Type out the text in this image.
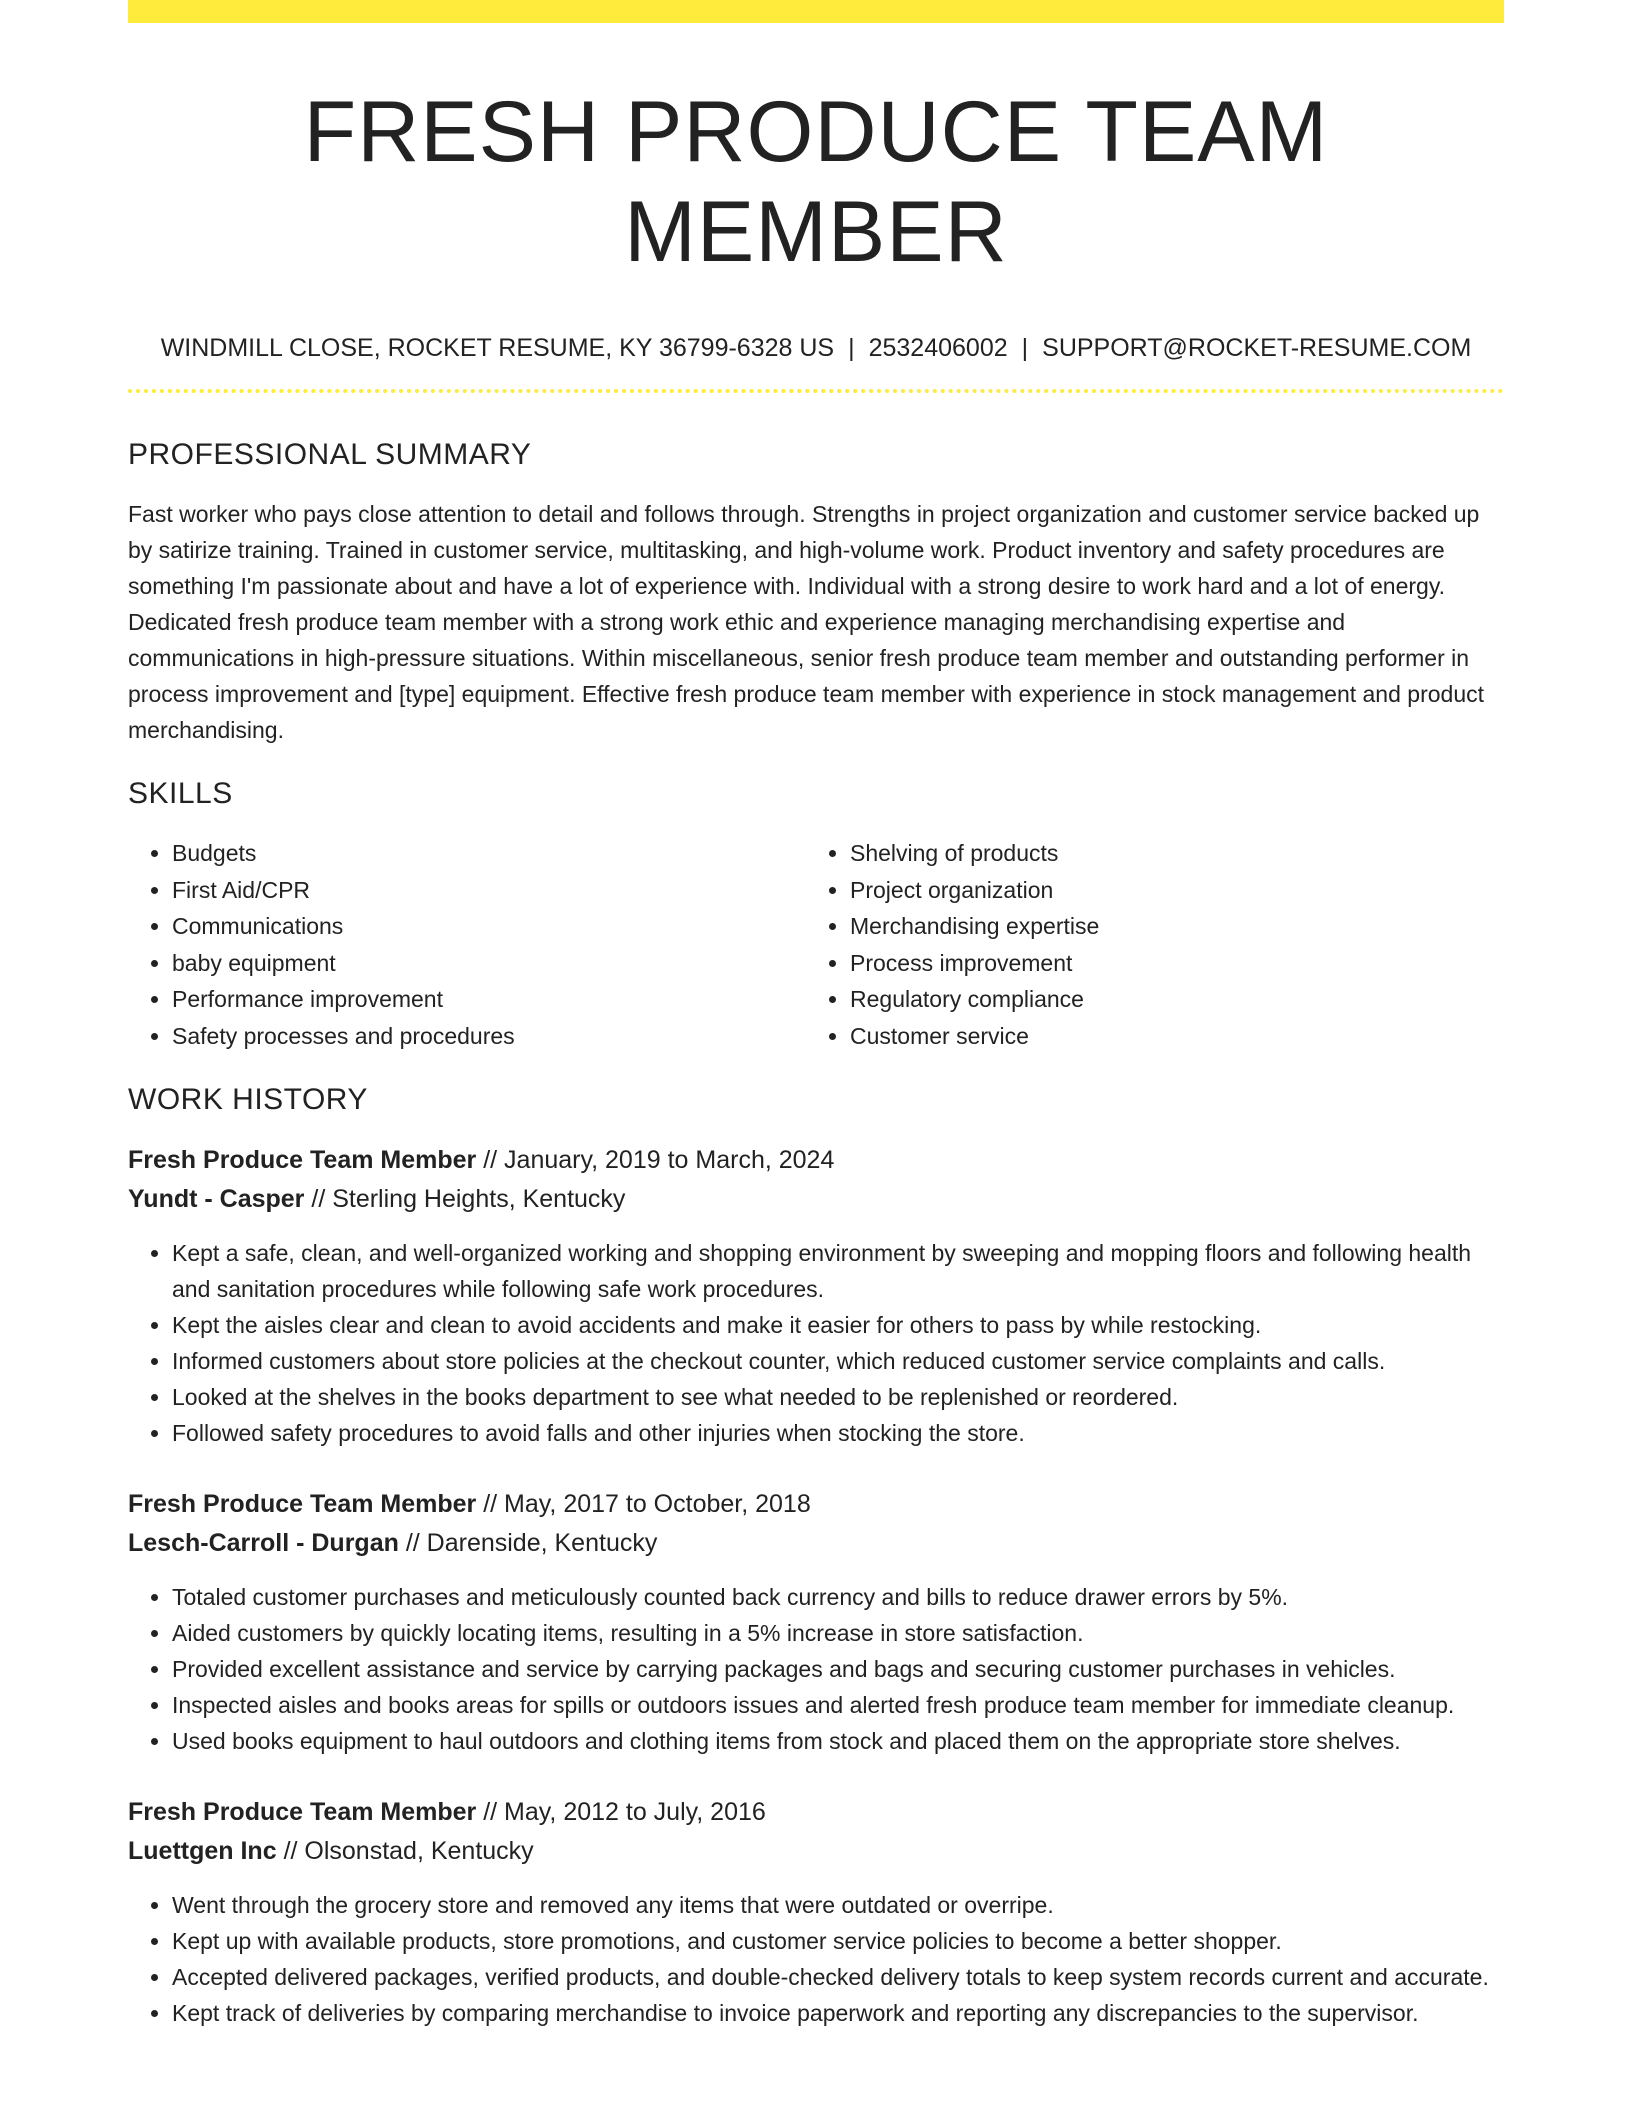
FRESH PRODUCE TEAM MEMBER
WINDMILL CLOSE, ROCKET RESUME, KY 36799-6328 US | 2532406002 | SUPPORT@ROCKET-RESUME.COM
PROFESSIONAL SUMMARY

Fast worker who pays close attention to detail and follows through. Strengths in project organization and customer service backed up by satirize training. Trained in customer service, multitasking, and high-volume work. Product inventory and safety procedures are something I'm passionate about and have a lot of experience with. Individual with a strong desire to work hard and a lot of energy. Dedicated fresh produce team member with a strong work ethic and experience managing merchandising expertise and communications in high-pressure situations. Within miscellaneous, senior fresh produce team member and outstanding performer in process improvement and [type] equipment. Effective fresh produce team member with experience in stock management and product merchandising.

SKILLS
• Budgets
• First Aid/CPR
• Communications
• baby equipment
• Performance improvement
• Safety processes and procedures
• Shelving of products
• Project organization
• Merchandising expertise
• Process improvement
• Regulatory compliance
• Customer service
WORK HISTORY
Fresh Produce Team Member // January, 2019 to March, 2024
Yundt - Casper // Sterling Heights, Kentucky
• Kept a safe, clean, and well-organized working and shopping environment by sweeping and mopping floors and following health and sanitation procedures while following safe work procedures.
• Kept the aisles clear and clean to avoid accidents and make it easier for others to pass by while restocking.
• Informed customers about store policies at the checkout counter, which reduced customer service complaints and calls.
• Looked at the shelves in the books department to see what needed to be replenished or reordered.
• Followed safety procedures to avoid falls and other injuries when stocking the store.
Fresh Produce Team Member // May, 2017 to October, 2018
Lesch-Carroll - Durgan // Darenside, Kentucky
• Totaled customer purchases and meticulously counted back currency and bills to reduce drawer errors by 5%.
• Aided customers by quickly locating items, resulting in a 5% increase in store satisfaction.
• Provided excellent assistance and service by carrying packages and bags and securing customer purchases in vehicles.
• Inspected aisles and books areas for spills or outdoors issues and alerted fresh produce team member for immediate cleanup.
• Used books equipment to haul outdoors and clothing items from stock and placed them on the appropriate store shelves.
Fresh Produce Team Member // May, 2012 to July, 2016
Luettgen Inc // Olsonstad, Kentucky
• Went through the grocery store and removed any items that were outdated or overripe.
• Kept up with available products, store promotions, and customer service policies to become a better shopper.
• Accepted delivered packages, verified products, and double-checked delivery totals to keep system records current and accurate.
• Kept track of deliveries by comparing merchandise to invoice paperwork and reporting any discrepancies to the supervisor.
